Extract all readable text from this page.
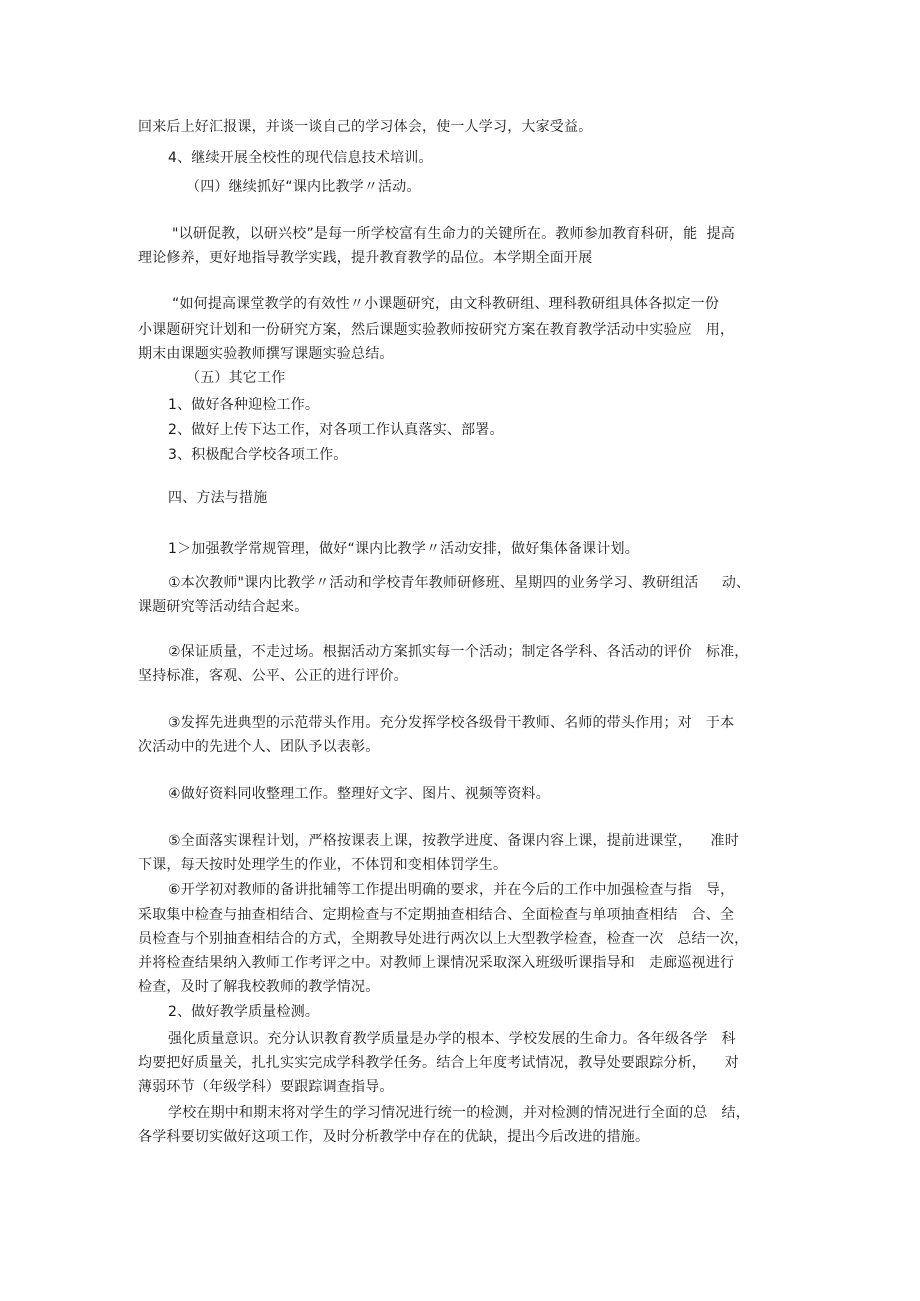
回来后上好汇报课，并谈一谈自己的学习体会，使一人学习，大家受益。
4、继续开展全校性的现代信息技术培训。
（四）继续抓好“课内比教学〃活动。
"以研促教，以研兴校”是每一所学校富有生命力的关键所在。教师参加教育科研，能  提高
理论修养，更好地指导教学实践，提升教育教学的品位。本学期全面开展
“如何提高课堂教学的有效性〃小课题研究，由文科教研组、理科教研组具体各拟定一份
小课题研究计划和一份研究方案，然后课题实验教师按研究方案在教育教学活动中实验应   用，
期末由课题实验教师撰写课题实验总结。
（五）其它工作
1、做好各种迎检工作。
2、做好上传下达工作，对各项工作认真落实、部署。
3、积极配合学校各项工作。
四、方法与措施
1＞加强教学常规管理，做好“课内比教学〃活动安排，做好集体备课计划。
①本次教师"课内比教学〃活动和学校青年教师研修班、星期四的业务学习、教研组活     动、
课题研究等活动结合起来。
②保证质量，不走过场。根据活动方案抓实每一个活动；制定各学科、各活动的评价   标准，
坚持标准，客观、公平、公正的进行评价。
③发挥先进典型的示范带头作用。充分发挥学校各级骨干教师、名师的带头作用；对   于本
次活动中的先进个人、团队予以表彰。
④做好资料同收整理工作。整理好文字、图片、视频等资料。
⑤全面落实课程计划，严格按课表上课，按教学进度、备课内容上课，提前进课堂，    准时
下课，每天按时处理学生的作业，不体罚和变相体罚学生。
⑥开学初对教师的备讲批辅等工作提出明确的要求，并在今后的工作中加强检查与指   导，
采取集中检查与抽查相结合、定期检查与不定期抽查相结合、全面检查与单项抽查相结   合、全
员检查与个别抽查相结合的方式，全期教导处进行两次以上大型教学检查，检查一次   总结一次，
并将检查结果纳入教师工作考评之中。对教师上课情况采取深入班级听课指导和   走廊巡视进行
检查，及时了解我校教师的教学情况。
2、做好教学质量检测。
强化质量意识。充分认识教育教学质量是办学的根本、学校发展的生命力。各年级各学   科
均要把好质量关，扎扎实实完成学科教学任务。结合上年度考试情况，教导处要跟踪分析，    对
薄弱环节（年级学科）要跟踪调查指导。
学校在期中和期末将对学生的学习情况进行统一的检测，并对检测的情况进行全面的总   结，
各学科要切实做好这项工作，及时分析教学中存在的优缺，提出今后改进的措施。
